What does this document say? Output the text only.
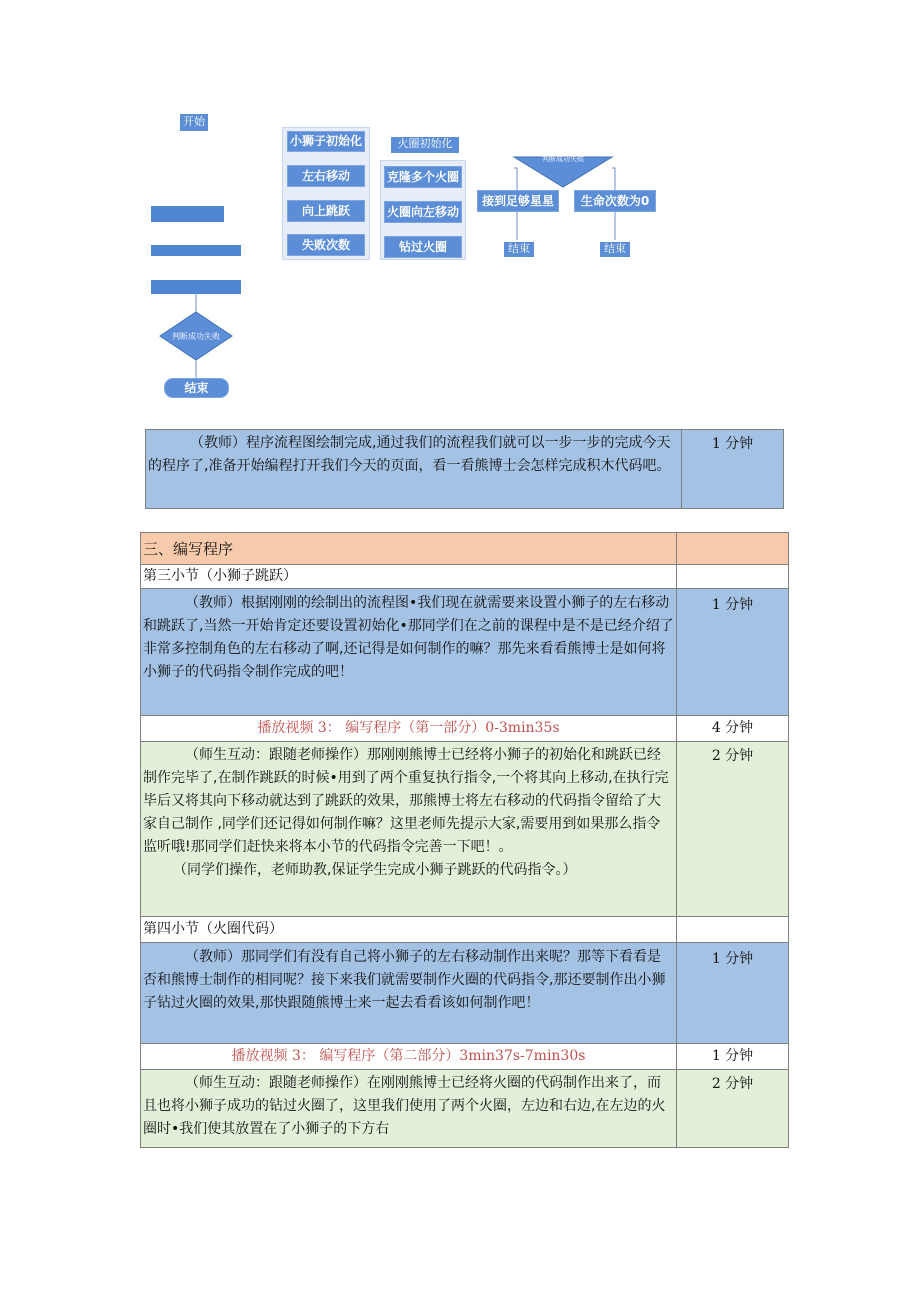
开始
判断成功失败
结束
小狮子初始化
左右移动
向上跳跃
失败次数
火圈初始化
克隆多个火圈
火圈向左移动
钻过火圈
判断成功失败
接到足够星星	生命次数为0
结束	结束
（教师）程序流程图绘制完成,通过我们的流程我们就可以一步一步的完成今天的程序了,准备开始编程打开我们今天的页面，看一看熊博士会怎样完成积木代码吧。	1 分钟
三、编写程序	
第三小节（小狮子跳跃）	
（教师）根据刚刚的绘制出的流程图•我们现在就需要来设置小狮子的左右移动和跳跃了,当然一开始肯定还要设置初始化•那同学们在之前的课程中是不是已经介绍了非常多控制角色的左右移动了啊,还记得是如何制作的嘛？那先来看看熊博士是如何将小狮子的代码指令制作完成的吧！	1 分钟
播放视频 3： 编写程序（第一部分）0-3min35s	4 分钟

（师生互动：跟随老师操作）那刚刚熊博士已经将小狮子的初始化和跳跃已经制作完毕了,在制作跳跃的时候•用到了两个重复执行指令,一个将其向上移动,在执行完毕后又将其向下移动就达到了跳跃的效果，那熊博士将左右移动的代码指令留给了大家自己制作 ,同学们还记得如何制作嘛？这里老师先提示大家,需要用到如果那么指令监听哦!那同学们赶快来将本小节的代码指令完善一下吧！。
（同学们操作，老师助教,保证学生完成小狮子跳跃的代码指令。）	2 分钟
第四小节（火圈代码）	
（教师）那同学们有没有自己将小狮子的左右移动制作出来呢？那等下看看是否和熊博士制作的相同呢？接下来我们就需要制作火圈的代码指令,那还要制作出小狮子钻过火圈的效果,那快跟随熊博士来一起去看看该如何制作吧！	1 分钟
播放视频 3： 编写程序（第二部分）3min37s-7min30s	1 分钟
（师生互动：跟随老师操作）在刚刚熊博士已经将火圈的代码制作出来了，而且也将小狮子成功的钻过火圈了，这里我们使用了两个火圈，左边和右边,在左边的火圈时•我们使其放置在了小狮子的下方右	2 分钟
